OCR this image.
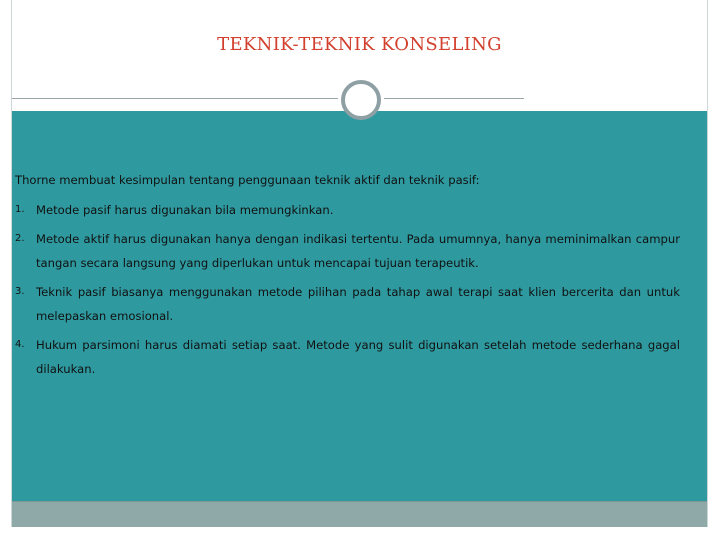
TEKNIK-TEKNIK KONSELING

Thorne membuat kesimpulan tentang penggunaan teknik aktif dan teknik pasif:

1. Metode pasif harus digunakan bila memungkinkan.
2. Metode aktif harus digunakan hanya dengan indikasi tertentu. Pada umumnya, hanya meminimalkan campur tangan secara langsung yang diperlukan untuk mencapai tujuan terapeutik.
3. Teknik pasif biasanya menggunakan metode pilihan pada tahap awal terapi saat klien bercerita dan untuk melepaskan emosional.
4. Hukum parsimoni harus diamati setiap saat. Metode yang sulit digunakan setelah metode sederhana gagal dilakukan.
